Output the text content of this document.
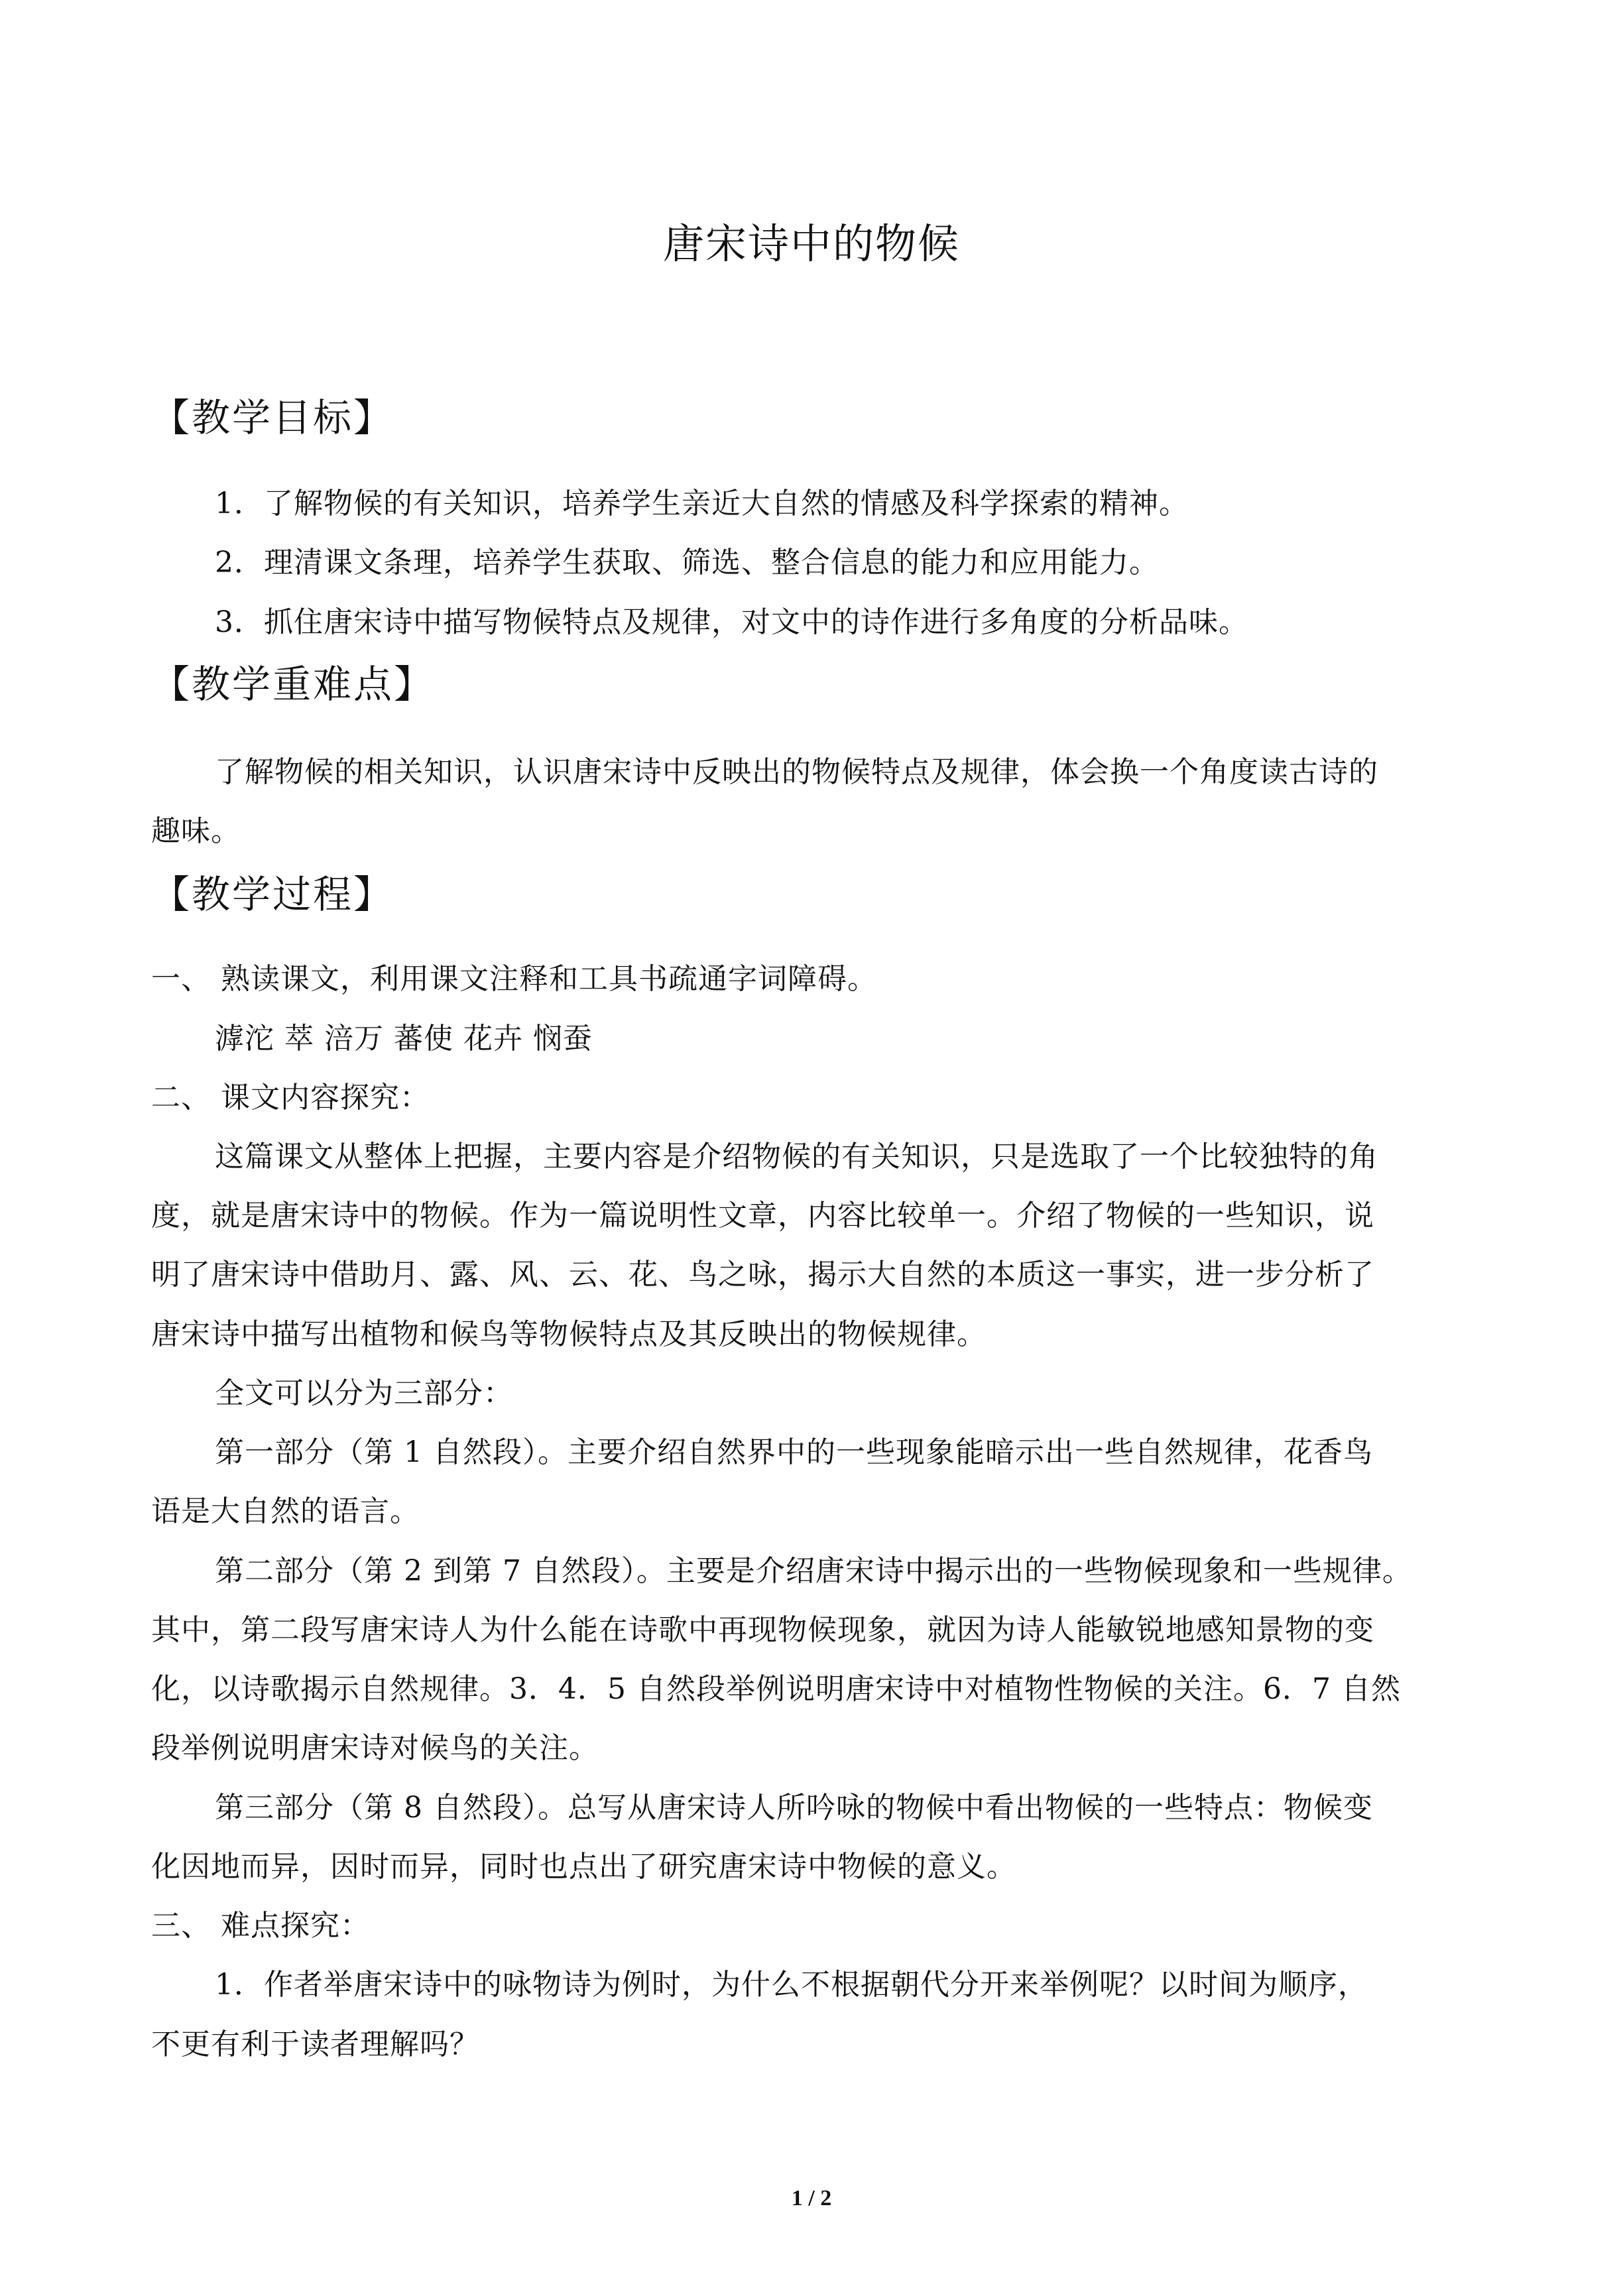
唐宋诗中的物候
【教学目标】
1．了解物候的有关知识，培养学生亲近大自然的情感及科学探索的精神。
2．理清课文条理，培养学生获取、筛选、整合信息的能力和应用能力。
3．抓住唐宋诗中描写物候特点及规律，对文中的诗作进行多角度的分析品味。
【教学重难点】
了解物候的相关知识，认识唐宋诗中反映出的物候特点及规律，体会换一个角度读古诗的
趣味。
【教学过程】
一、 熟读课文，利用课文注释和工具书疏通字词障碍。
滹沱 萃 涪万 蕃使 花卉 悯蚕
二、 课文内容探究：
这篇课文从整体上把握，主要内容是介绍物候的有关知识，只是选取了一个比较独特的角
度，就是唐宋诗中的物候。作为一篇说明性文章，内容比较单一。介绍了物候的一些知识，说
明了唐宋诗中借助月、露、风、云、花、鸟之咏，揭示大自然的本质这一事实，进一步分析了
唐宋诗中描写出植物和候鸟等物候特点及其反映出的物候规律。
全文可以分为三部分：
第一部分（第 1 自然段）。主要介绍自然界中的一些现象能暗示出一些自然规律，花香鸟
语是大自然的语言。
第二部分（第 2 到第 7 自然段）。主要是介绍唐宋诗中揭示出的一些物候现象和一些规律。
其中，第二段写唐宋诗人为什么能在诗歌中再现物候现象，就因为诗人能敏锐地感知景物的变
化，以诗歌揭示自然规律。3．4．5 自然段举例说明唐宋诗中对植物性物候的关注。6．7 自然
段举例说明唐宋诗对候鸟的关注。
第三部分（第 8 自然段）。总写从唐宋诗人所吟咏的物候中看出物候的一些特点：物候变
化因地而异，因时而异，同时也点出了研究唐宋诗中物候的意义。
三、 难点探究：
1．作者举唐宋诗中的咏物诗为例时，为什么不根据朝代分开来举例呢？以时间为顺序，
不更有利于读者理解吗？
1 / 2
